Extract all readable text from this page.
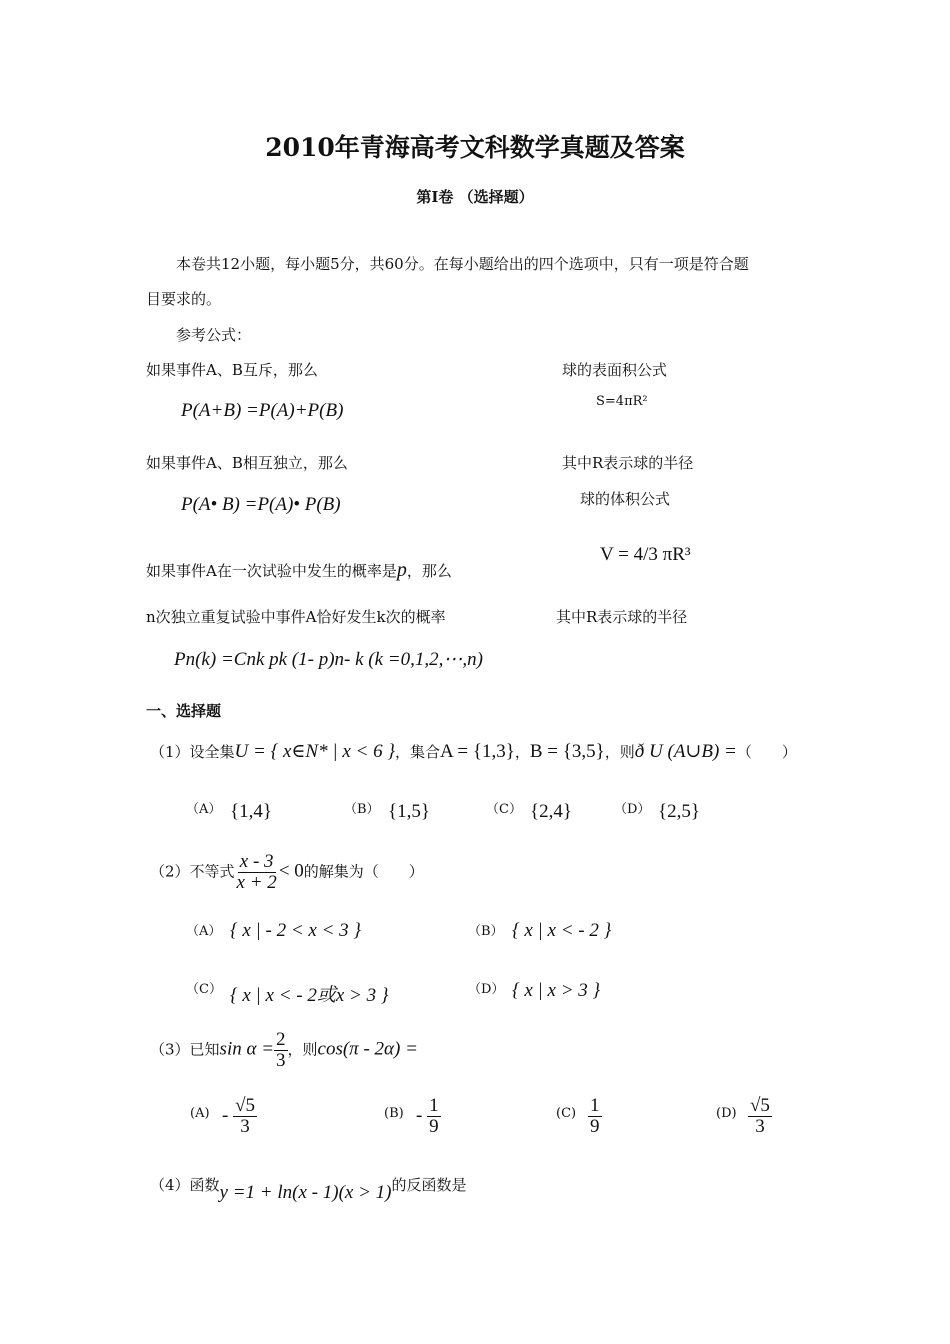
2010年青海高考文科数学真题及答案
第Ⅰ卷 （选择题）
本卷共12小题，每小题5分，共60分。在每小题给出的四个选项中，只有一项是符合题
目要求的。
参考公式：
如果事件A、B互斥，那么
P(A+B) =P(A)+P(B)
如果事件A、B相互独立，那么
P(A• B) =P(A)• P(B)
如果事件A在一次试验中发生的概率是p，那么
n次独立重复试验中事件A恰好发生k次的概率
Pn(k) =Cnk pk (1- p)n- k (k =0,1,2,⋯,n)
球的表面积公式
S=4πR²
其中R表示球的半径
球的体积公式
V = 4/3 πR³
其中R表示球的半径
一、选择题
（1）设全集U = { x∈N* | x < 6 }，集合A = {1,3}，B = {3,5}，则ð U (A∪B) =（　　）
（A） {1,4}	（B） {1,5}	（C） {2,4}	（D） {2,5}
（2）不等式 $\frac{x - 3}{x + 2} < 0$的解集为（　　）
（A） { x | - 2 < x < 3 }	（B） { x | x < - 2 }
（C） { x | x < - 2或x > 3 }	（D） { x | x > 3 }
（3）已知$\sin \alpha = \frac{2}{3}$ ，则cos(π - 2α) =
$(A) - \frac{√5}{3}$	$(B) - \frac{1}{9}$	$(C) \frac{1}{9}$	$(D) \frac{√5}{3}$
（4）函数y =1 + ln(x - 1)(x > 1)的反函数是
